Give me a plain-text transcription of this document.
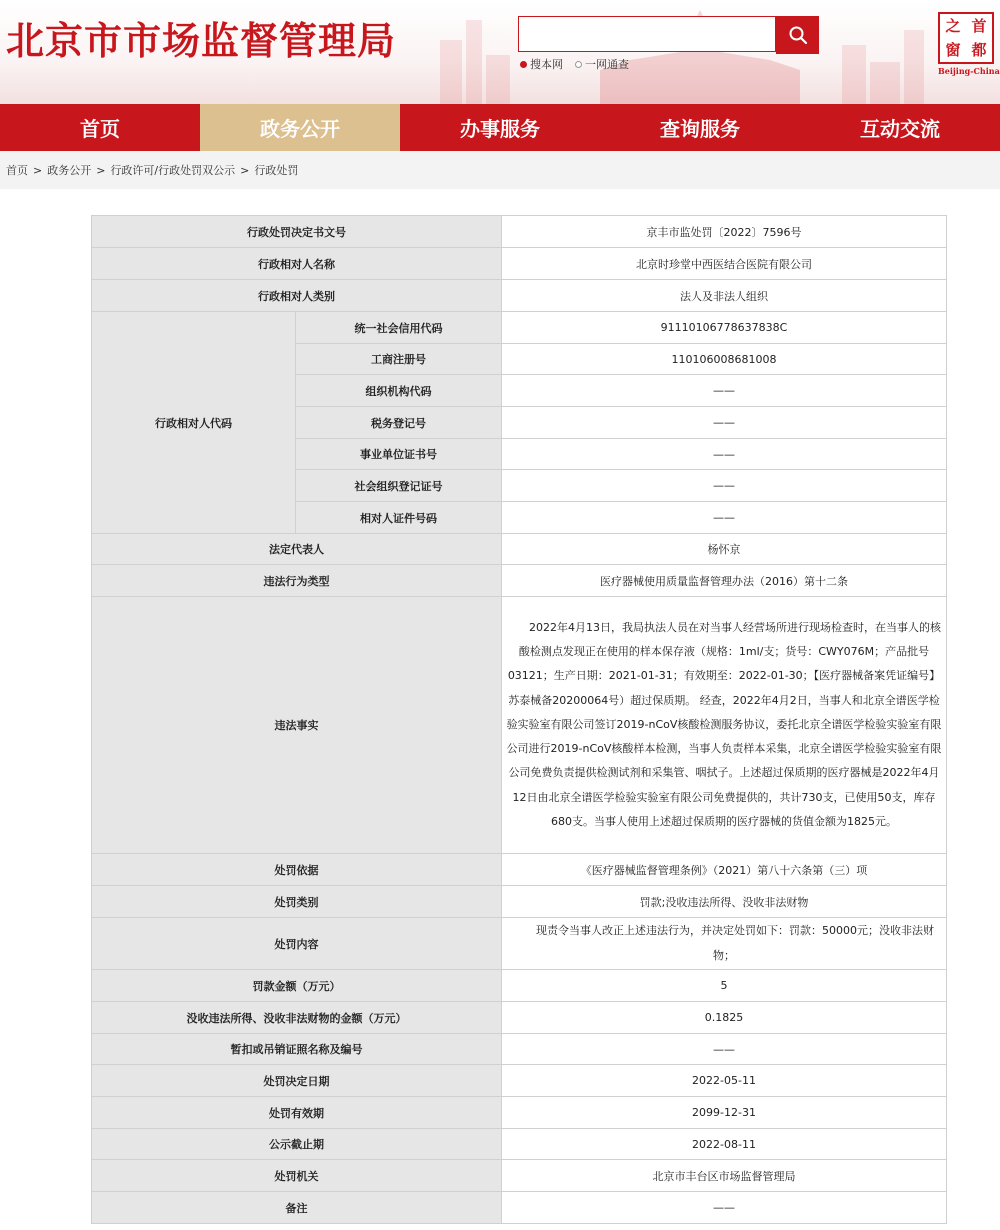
北京市市场监督管理局
搜本网 一网通查
之 首
窗 都
Beijing-China
首页	政务公开	办事服务	查询服务	互动交流
首页 > 政务公开 > 行政许可/行政处罚双公示 > 行政处罚
行政处罚决定书文号		京丰市监处罚〔2022〕7596号
行政相对人名称		北京时珍堂中西医结合医院有限公司
行政相对人类别		法人及非法人组织
行政相对人代码	统一社会信用代码	91110106778637838C
	工商注册号	110106008681008
	组织机构代码	——
	税务登记号	——
	事业单位证书号	——
	社会组织登记证号	——
	相对人证件号码	——
法定代表人		杨怀京
违法行为类型		医疗器械使用质量监督管理办法（2016）第十二条
违法事实		2022年4月13日，我局执法人员在对当事人经营场所进行现场检查时，在当事人的核酸检测点发现正在使用的样本保存液（规格：1ml/支；货号：CWY076M；产品批号03121；生产日期：2021-01-31；有效期至：2022-01-30；【医疗器械备案凭证编号】苏泰械备20200064号）超过保质期。 经查，2022年4月2日，当事人和北京全谱医学检验实验室有限公司签订2019-nCoV核酸检测服务协议，委托北京全谱医学检验实验室有限公司进行2019-nCoV核酸样本检测，当事人负责样本采集，北京全谱医学检验实验室有限公司免费负责提供检测试剂和采集管、咽拭子。上述超过保质期的医疗器械是2022年4月12日由北京全谱医学检验实验室有限公司免费提供的，共计730支，已使用50支，库存680支。当事人使用上述超过保质期的医疗器械的货值金额为1825元。
处罚依据		《医疗器械监督管理条例》（2021）第八十六条第（三）项
处罚类别		罚款;没收违法所得、没收非法财物
处罚内容		现责令当事人改正上述违法行为，并决定处罚如下：罚款：50000元；没收非法财物；
罚款金额（万元）		5
没收违法所得、没收非法财物的金额（万元）		0.1825
暂扣或吊销证照名称及编号		——
处罚决定日期		2022-05-11
处罚有效期		2099-12-31
公示截止期		2022-08-11
处罚机关		北京市丰台区市场监督管理局
备注		——
